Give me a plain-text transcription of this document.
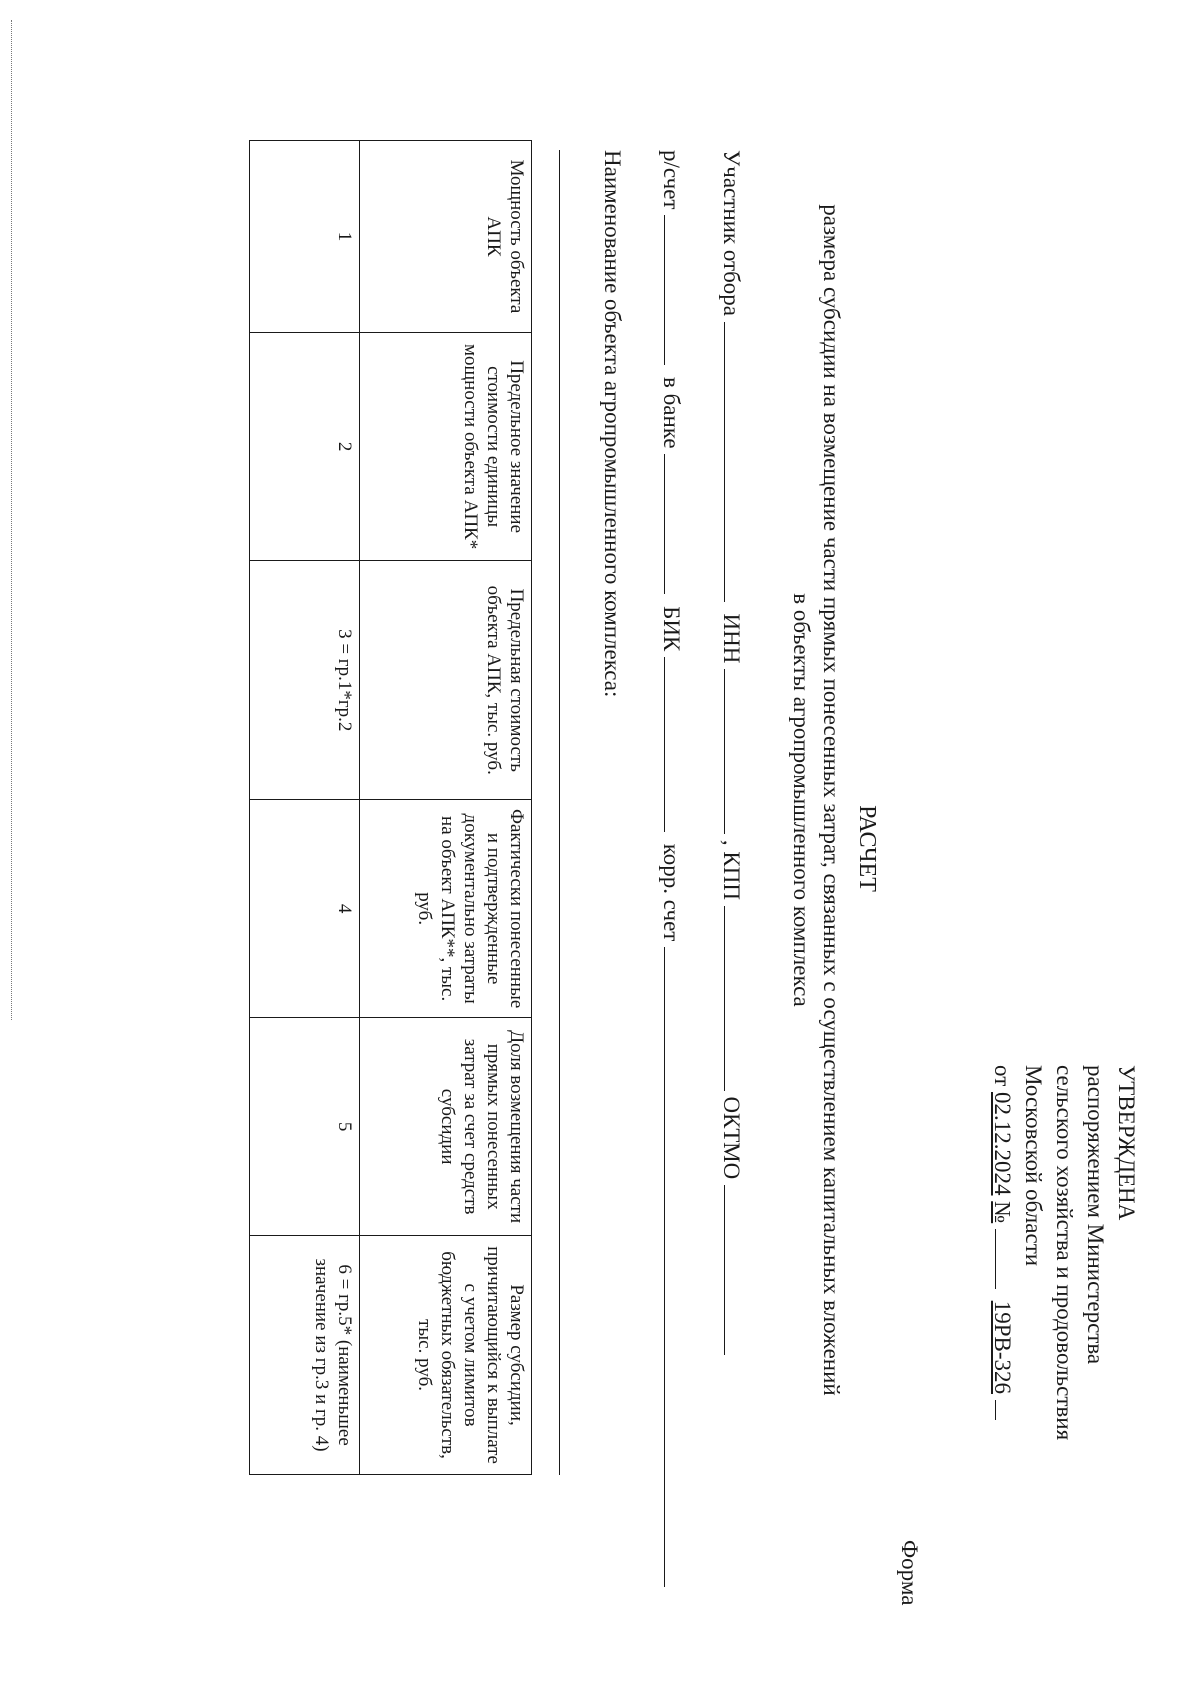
УТВЕРЖДЕНА
распоряжением Министерства
сельского хозяйства и продовольствия
Московской области
от 02.12.2024 №  19РВ-326
Форма
РАСЧЕТ
размера субсидии на возмещение части прямых понесенных затрат, связанных с осуществлением капитальных вложений
в объекты агропромышленного комплекса
Участник отбора  ИНН  , КПП  ОКТМО
р/счет  в банке  БИК  корр. счет
Наименование объекта агропромышленного комплекса:
Мощность объекта АПК	Предельное значение стоимости единицы мощности объекта АПК*	Предельная стоимость объекта АПК, тыс. руб.	Фактически понесенные и подтвержденные документально затраты на объект АПК**, тыс. руб.	Доля возмещения части прямых понесенных затрат за счет средств субсидии	Размер субсидии, причитающийся к выплате с учетом лимитов бюджетных обязательств, тыс. руб.
1	2	3 = гр.1*гр.2	4	5	6 = гр.5* (наименьшее значение из гр.3 и гр. 4)
